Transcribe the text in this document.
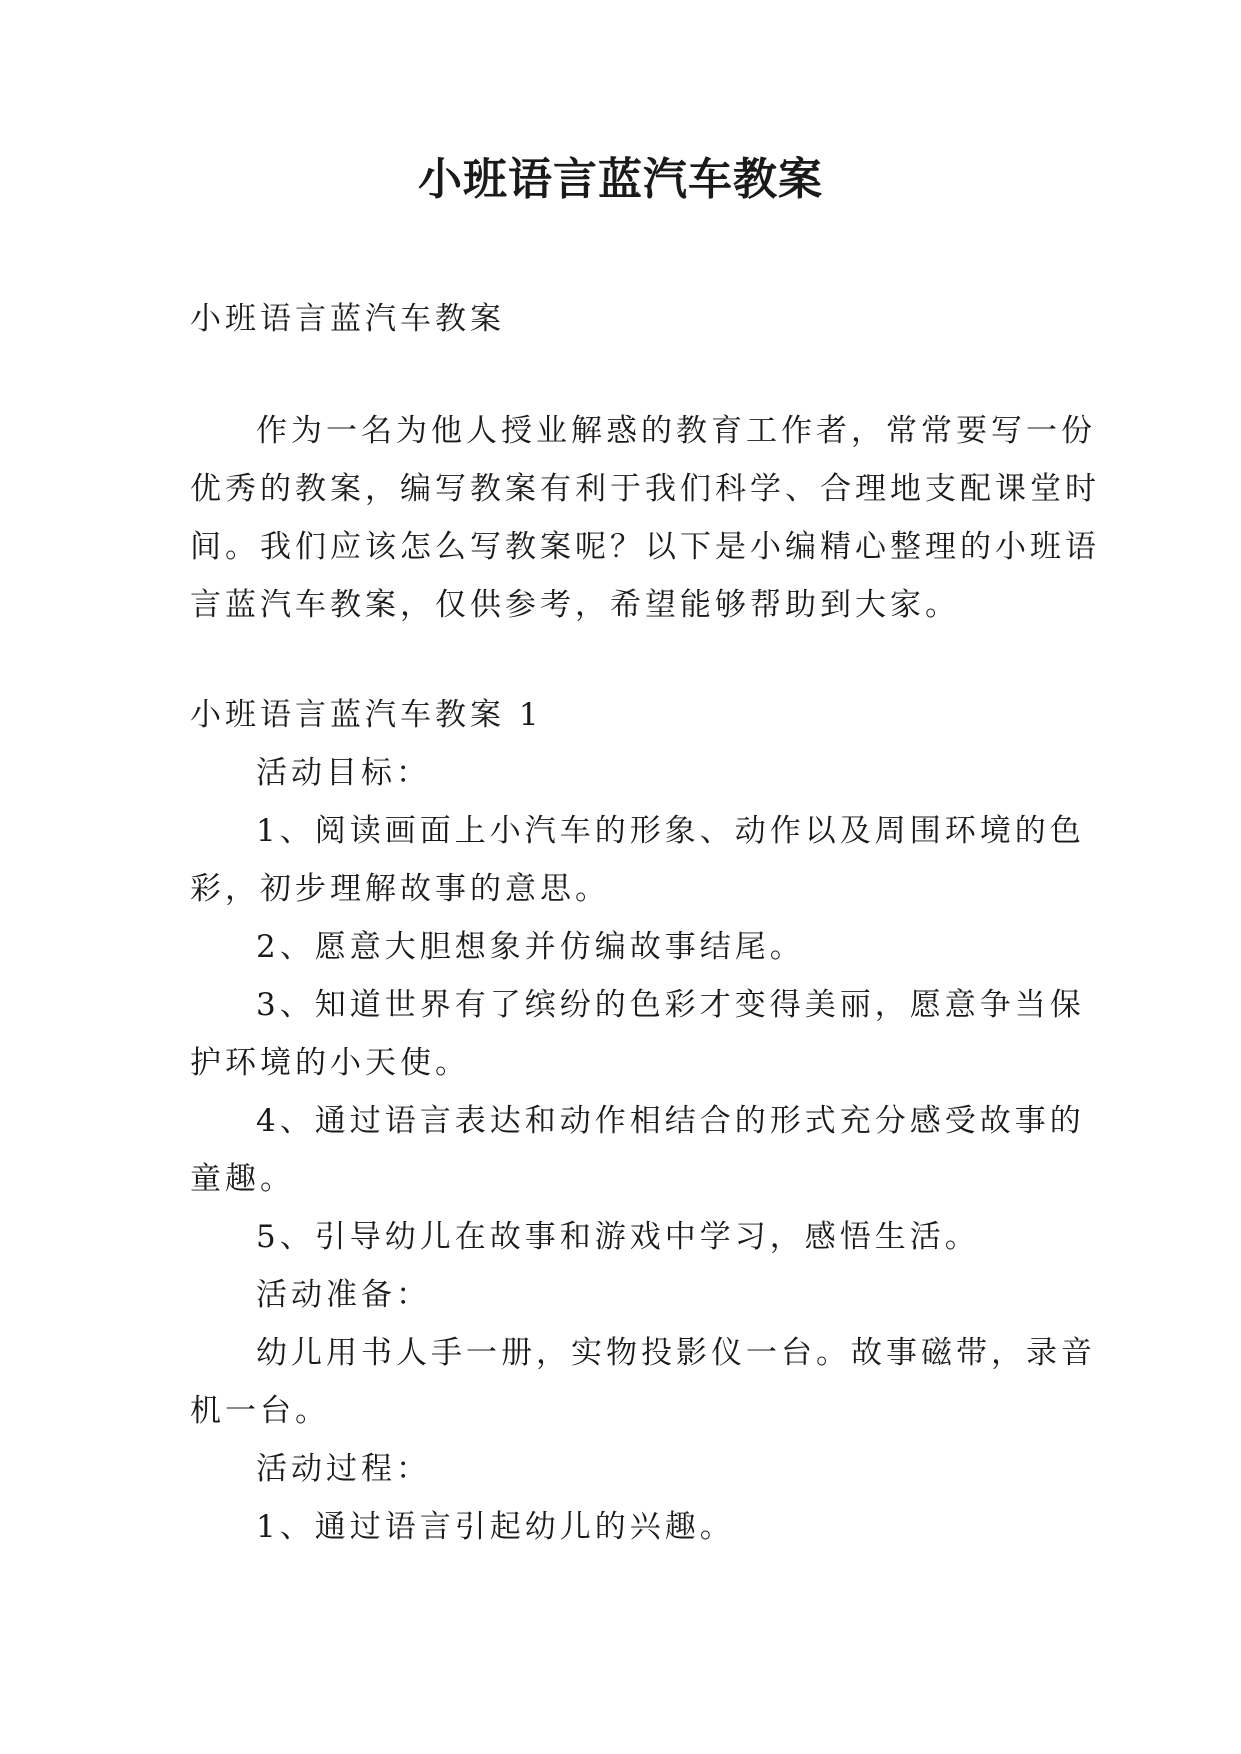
小班语言蓝汽车教案
小班语言蓝汽车教案
作为一名为他人授业解惑的教育工作者，常常要写一份
优秀的教案，编写教案有利于我们科学、合理地支配课堂时
间。我们应该怎么写教案呢？以下是小编精心整理的小班语
言蓝汽车教案，仅供参考，希望能够帮助到大家。
小班语言蓝汽车教案 1
活动目标：
1、阅读画面上小汽车的形象、动作以及周围环境的色
彩，初步理解故事的意思。
2、愿意大胆想象并仿编故事结尾。
3、知道世界有了缤纷的色彩才变得美丽，愿意争当保
护环境的小天使。
4、通过语言表达和动作相结合的形式充分感受故事的
童趣。
5、引导幼儿在故事和游戏中学习，感悟生活。
活动准备：
幼儿用书人手一册，实物投影仪一台。故事磁带，录音
机一台。
活动过程：
1、通过语言引起幼儿的兴趣。
